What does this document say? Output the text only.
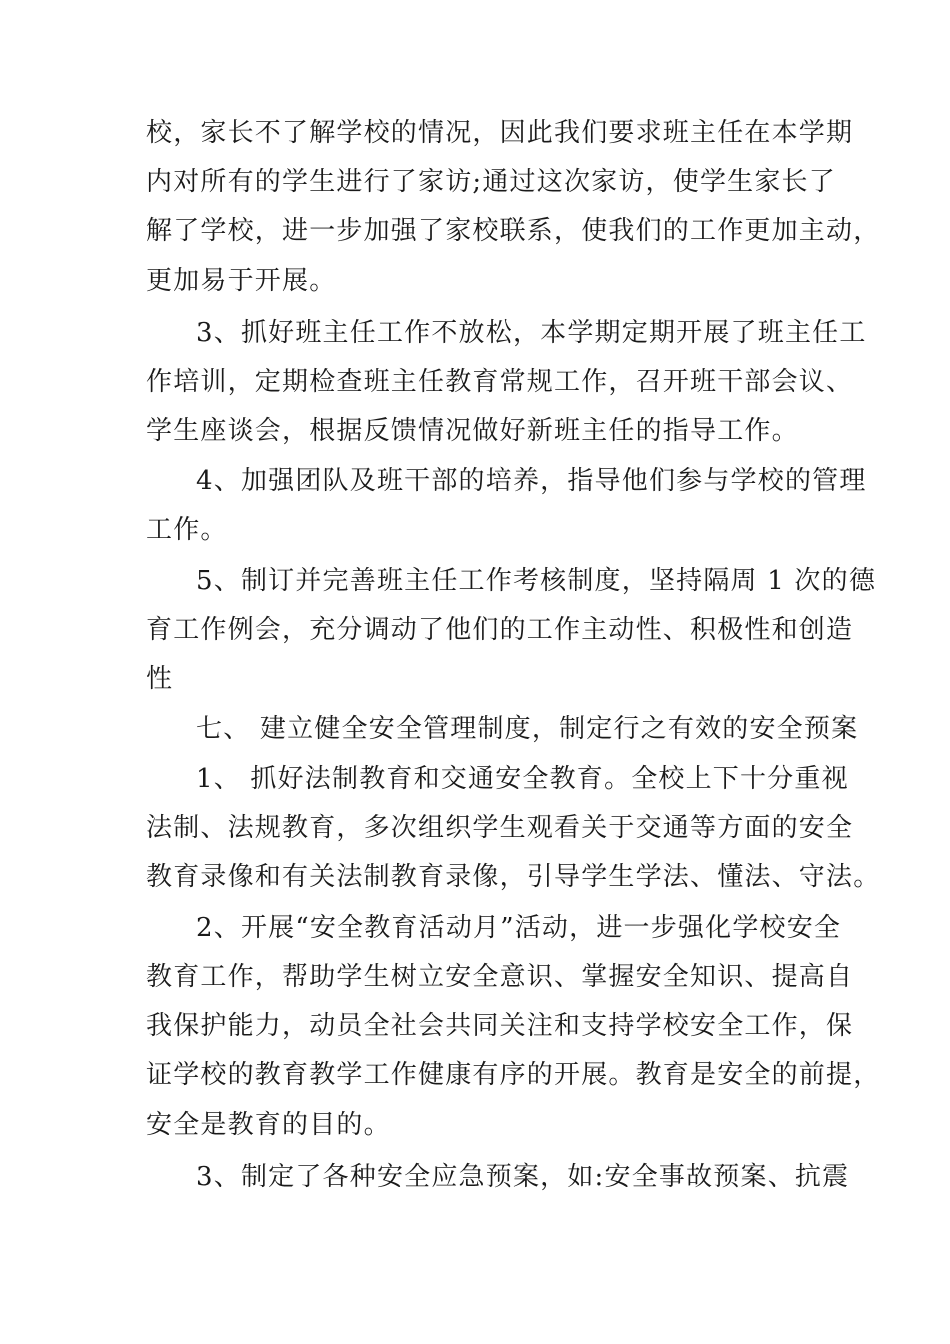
校，家长不了解学校的情况，因此我们要求班主任在本学期
内对所有的学生进行了家访;通过这次家访，使学生家长了
解了学校，进一步加强了家校联系，使我们的工作更加主动，
更加易于开展。
3、抓好班主任工作不放松，本学期定期开展了班主任工
作培训，定期检查班主任教育常规工作，召开班干部会议、
学生座谈会，根据反馈情况做好新班主任的指导工作。
4、加强团队及班干部的培养，指导他们参与学校的管理
工作。
5、制订并完善班主任工作考核制度，坚持隔周 1 次的德
育工作例会，充分调动了他们的工作主动性、积极性和创造
性
七、 建立健全安全管理制度，制定行之有效的安全预案
1、 抓好法制教育和交通安全教育。全校上下十分重视
法制、法规教育，多次组织学生观看关于交通等方面的安全
教育录像和有关法制教育录像，引导学生学法、懂法、守法。
2、开展“安全教育活动月”活动，进一步强化学校安全
教育工作，帮助学生树立安全意识、掌握安全知识、提高自
我保护能力，动员全社会共同关注和支持学校安全工作，保
证学校的教育教学工作健康有序的开展。教育是安全的前提，
安全是教育的目的。
3、制定了各种安全应急预案，如:安全事故预案、抗震
